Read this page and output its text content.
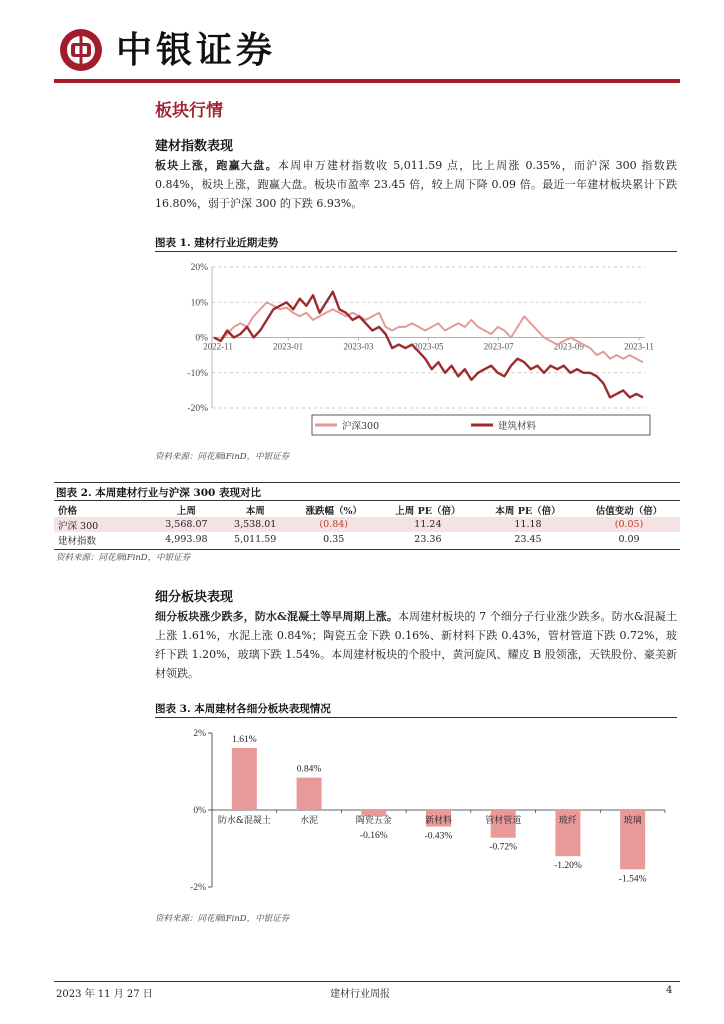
中银证券
板块行情
建材指数表现
板块上涨，跑赢大盘。本周申万建材指数收 5,011.59 点，比上周涨 0.35%，而沪深 300 指数跌 0.84%，板块上涨，跑赢大盘。板块市盈率 23.45 倍，较上周下降 0.09 倍。最近一年建材板块累计下跌 16.80%，弱于沪深 300 的下跌 6.93%。
图表 1. 建材行业近期走势
20%
10%
0%
-10%
-20%
2022-11	2023-01	2023-03	2023-05	2023-07	2023-09	2023-11
沪深300	建筑材料
资料来源：同花顺iFinD，中银证券
图表 2. 本周建材行业与沪深 300 表现对比
价格	上周	本周	涨跌幅（%）	上周 PE（倍）	本周 PE（倍）	估值变动（倍）
沪深 300	3,568.07	3,538.01	(0.84)	11.24	11.18	(0.05)
建材指数	4,993.98	5,011.59	0.35	23.36	23.45	0.09
资料来源：同花顺iFinD，中银证券
细分板块表现
细分板块涨少跌多，防水&混凝土等早周期上涨。本周建材板块的 7 个细分子行业涨少跌多。防水&混凝土上涨 1.61%，水泥上涨 0.84%；陶瓷五金下跌 0.16%、新材料下跌 0.43%，管材管道下跌 0.72%，玻纤下跌 1.20%，玻璃下跌 1.54%。本周建材板块的个股中，黄河旋风、耀皮 B 股领涨，天铁股份、豪美新材领跌。
图表 3. 本周建材各细分板块表现情况
2%
0%
-2%
防水&混凝土
1.61%
水泥
0.84%
陶瓷五金
-0.16%
新材料
-0.43%
管材管道
-0.72%
玻纤
-1.20%
玻璃
-1.54%
资料来源：同花顺iFinD，中银证券
2023 年 11 月 27 日	建材行业周报	4
